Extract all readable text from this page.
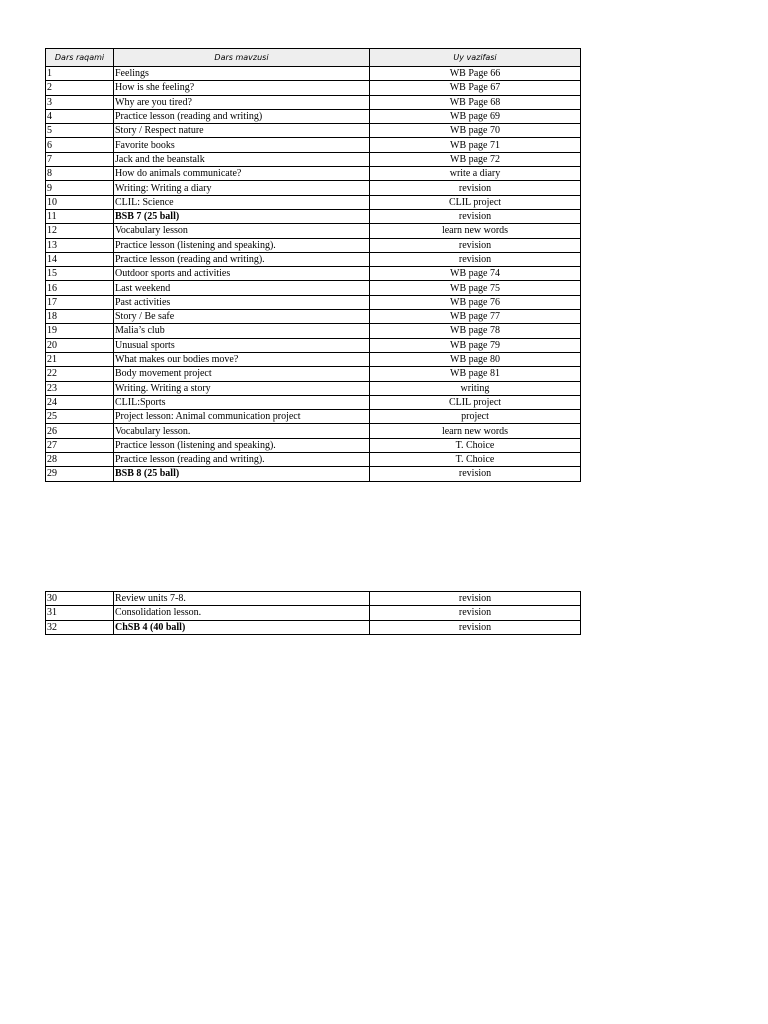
Dars raqami	Dars mavzusi	Uy vazifasi
1	Feelings	WB Page 66
2	How is she feeling?	WB Page 67
3	Why are you tired?	WB Page 68
4	Practice lesson (reading and writing)	WB page 69
5	Story / Respect nature	WB page 70
6	Favorite books	WB page 71
7	Jack and the beanstalk	WB page 72
8	How do animals communicate?	write a diary
9	Writing: Writing a diary	revision
10	CLIL: Science	CLIL project
11	BSB 7 (25 ball)	revision
12	Vocabulary lesson	learn new words
13	Practice lesson (listening and speaking).	revision
14	Practice lesson (reading and writing).	revision
15	Outdoor sports and activities	WB page 74
16	Last weekend	WB page 75
17	Past activities	WB page 76
18	Story / Be safe	WB page 77
19	Malia’s club	WB page 78
20	Unusual sports	WB page 79
21	What makes our bodies move?	WB page 80
22	Body movement project	WB page 81
23	Writing. Writing a story	writing
24	CLIL:Sports	CLIL project
25	Project lesson: Animal communication project	project
26	Vocabulary lesson.	learn new words
27	Practice lesson (listening and speaking).	T. Choice
28	Practice lesson (reading and writing).	T. Choice
29	BSB 8 (25 ball)	revision
30	Review units 7-8.	revision
31	Consolidation lesson.	revision
32	ChSB 4 (40 ball)	revision
